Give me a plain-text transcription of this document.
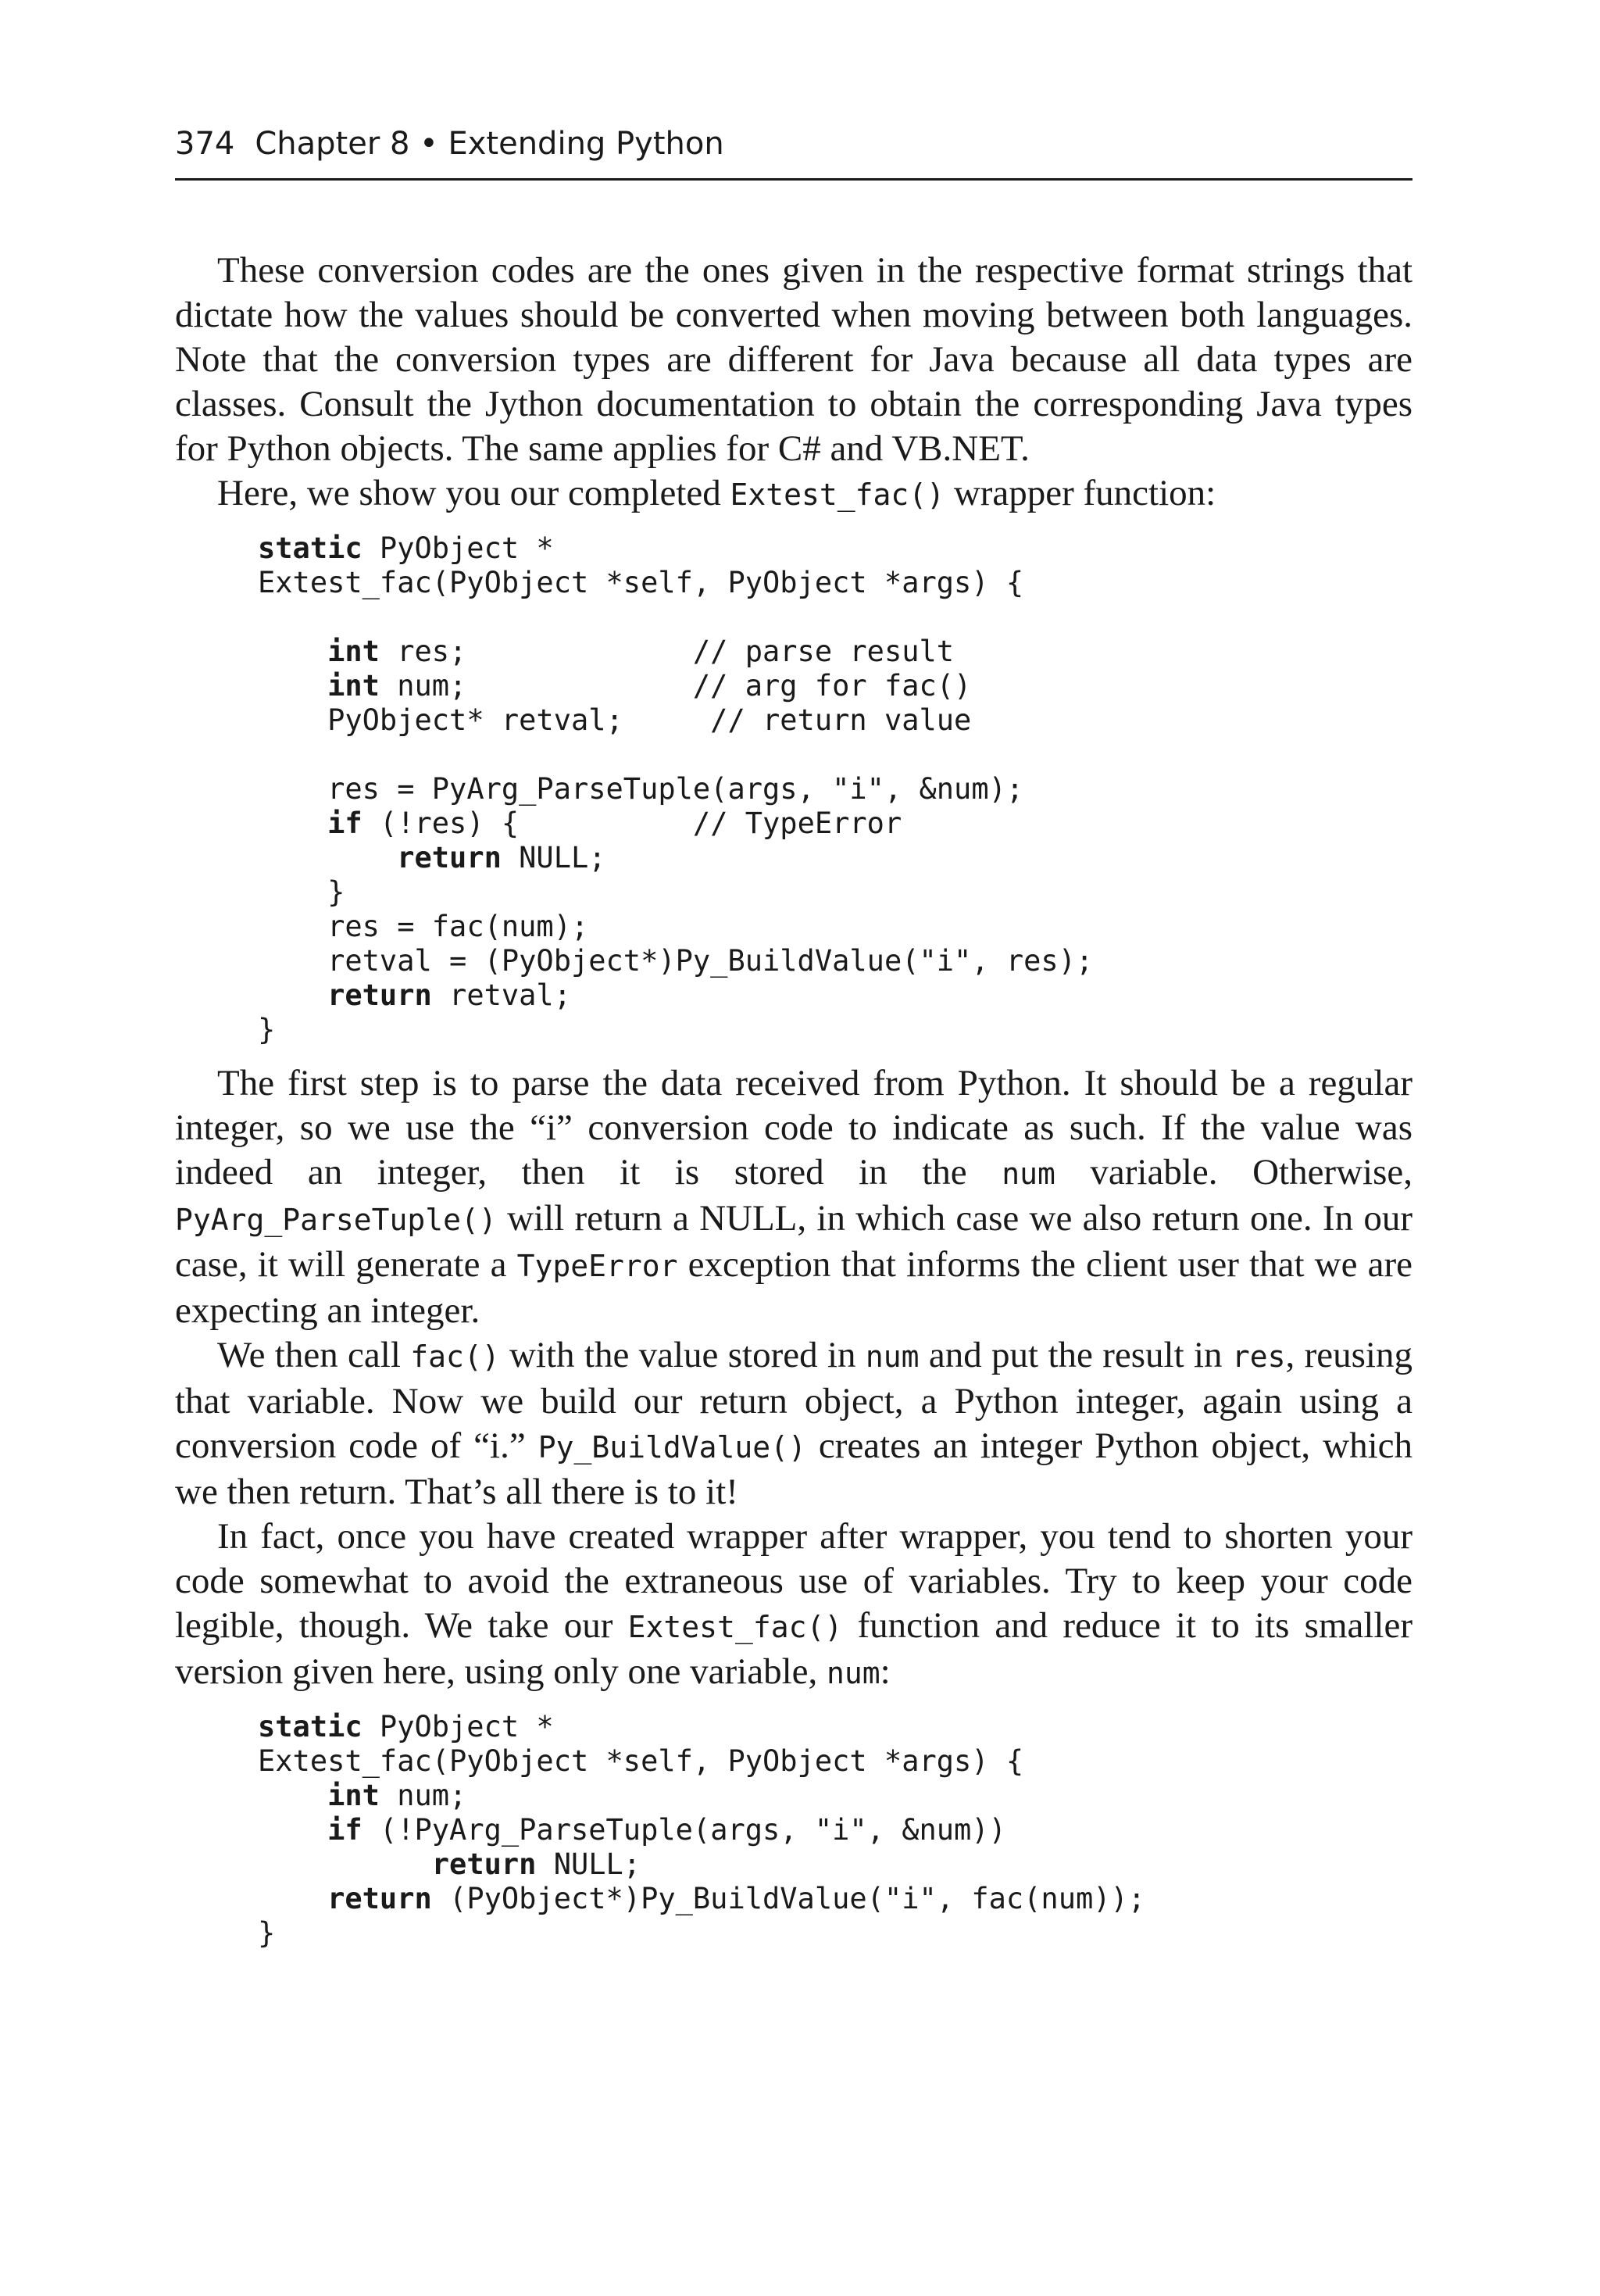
374 Chapter 8 • Extending Python

These conversion codes are the ones given in the respective format strings that dictate how the values should be converted when moving between both languages. Note that the conversion types are different for Java because all data types are classes. Consult the Jython documentation to obtain the corresponding Java types for Python objects. The same applies for C# and VB.NET.

Here, we show you our completed Extest_fac() wrapper function:

static PyObject *
Extest_fac(PyObject *self, PyObject *args) {
int res;             // parse result
int num;             // arg for fac()
PyObject* retval;     // return value
res = PyArg_ParseTuple(args, "i", &num);
if (!res) {          // TypeError
return NULL;
}
res = fac(num);
retval = (PyObject*)Py_BuildValue("i", res);
return retval;
}

The first step is to parse the data received from Python. It should be a regular integer, so we use the “i” conversion code to indicate as such. If the value was indeed an integer, then it is stored in the num variable. Otherwise, PyArg_ParseTuple() will return a NULL, in which case we also return one. In our case, it will generate a TypeError exception that informs the client user that we are expecting an integer.

We then call fac() with the value stored in num and put the result in res, reusing that variable. Now we build our return object, a Python integer, again using a conversion code of “i.” Py_BuildValue() creates an integer Python object, which we then return. That’s all there is to it!

In fact, once you have created wrapper after wrapper, you tend to shorten your code somewhat to avoid the extraneous use of variables. Try to keep your code legible, though. We take our Extest_fac() function and reduce it to its smaller version given here, using only one variable, num:

static PyObject *
Extest_fac(PyObject *self, PyObject *args) {
int num;
if (!PyArg_ParseTuple(args, "i", &num))
return NULL;
return (PyObject*)Py_BuildValue("i", fac(num));
}
